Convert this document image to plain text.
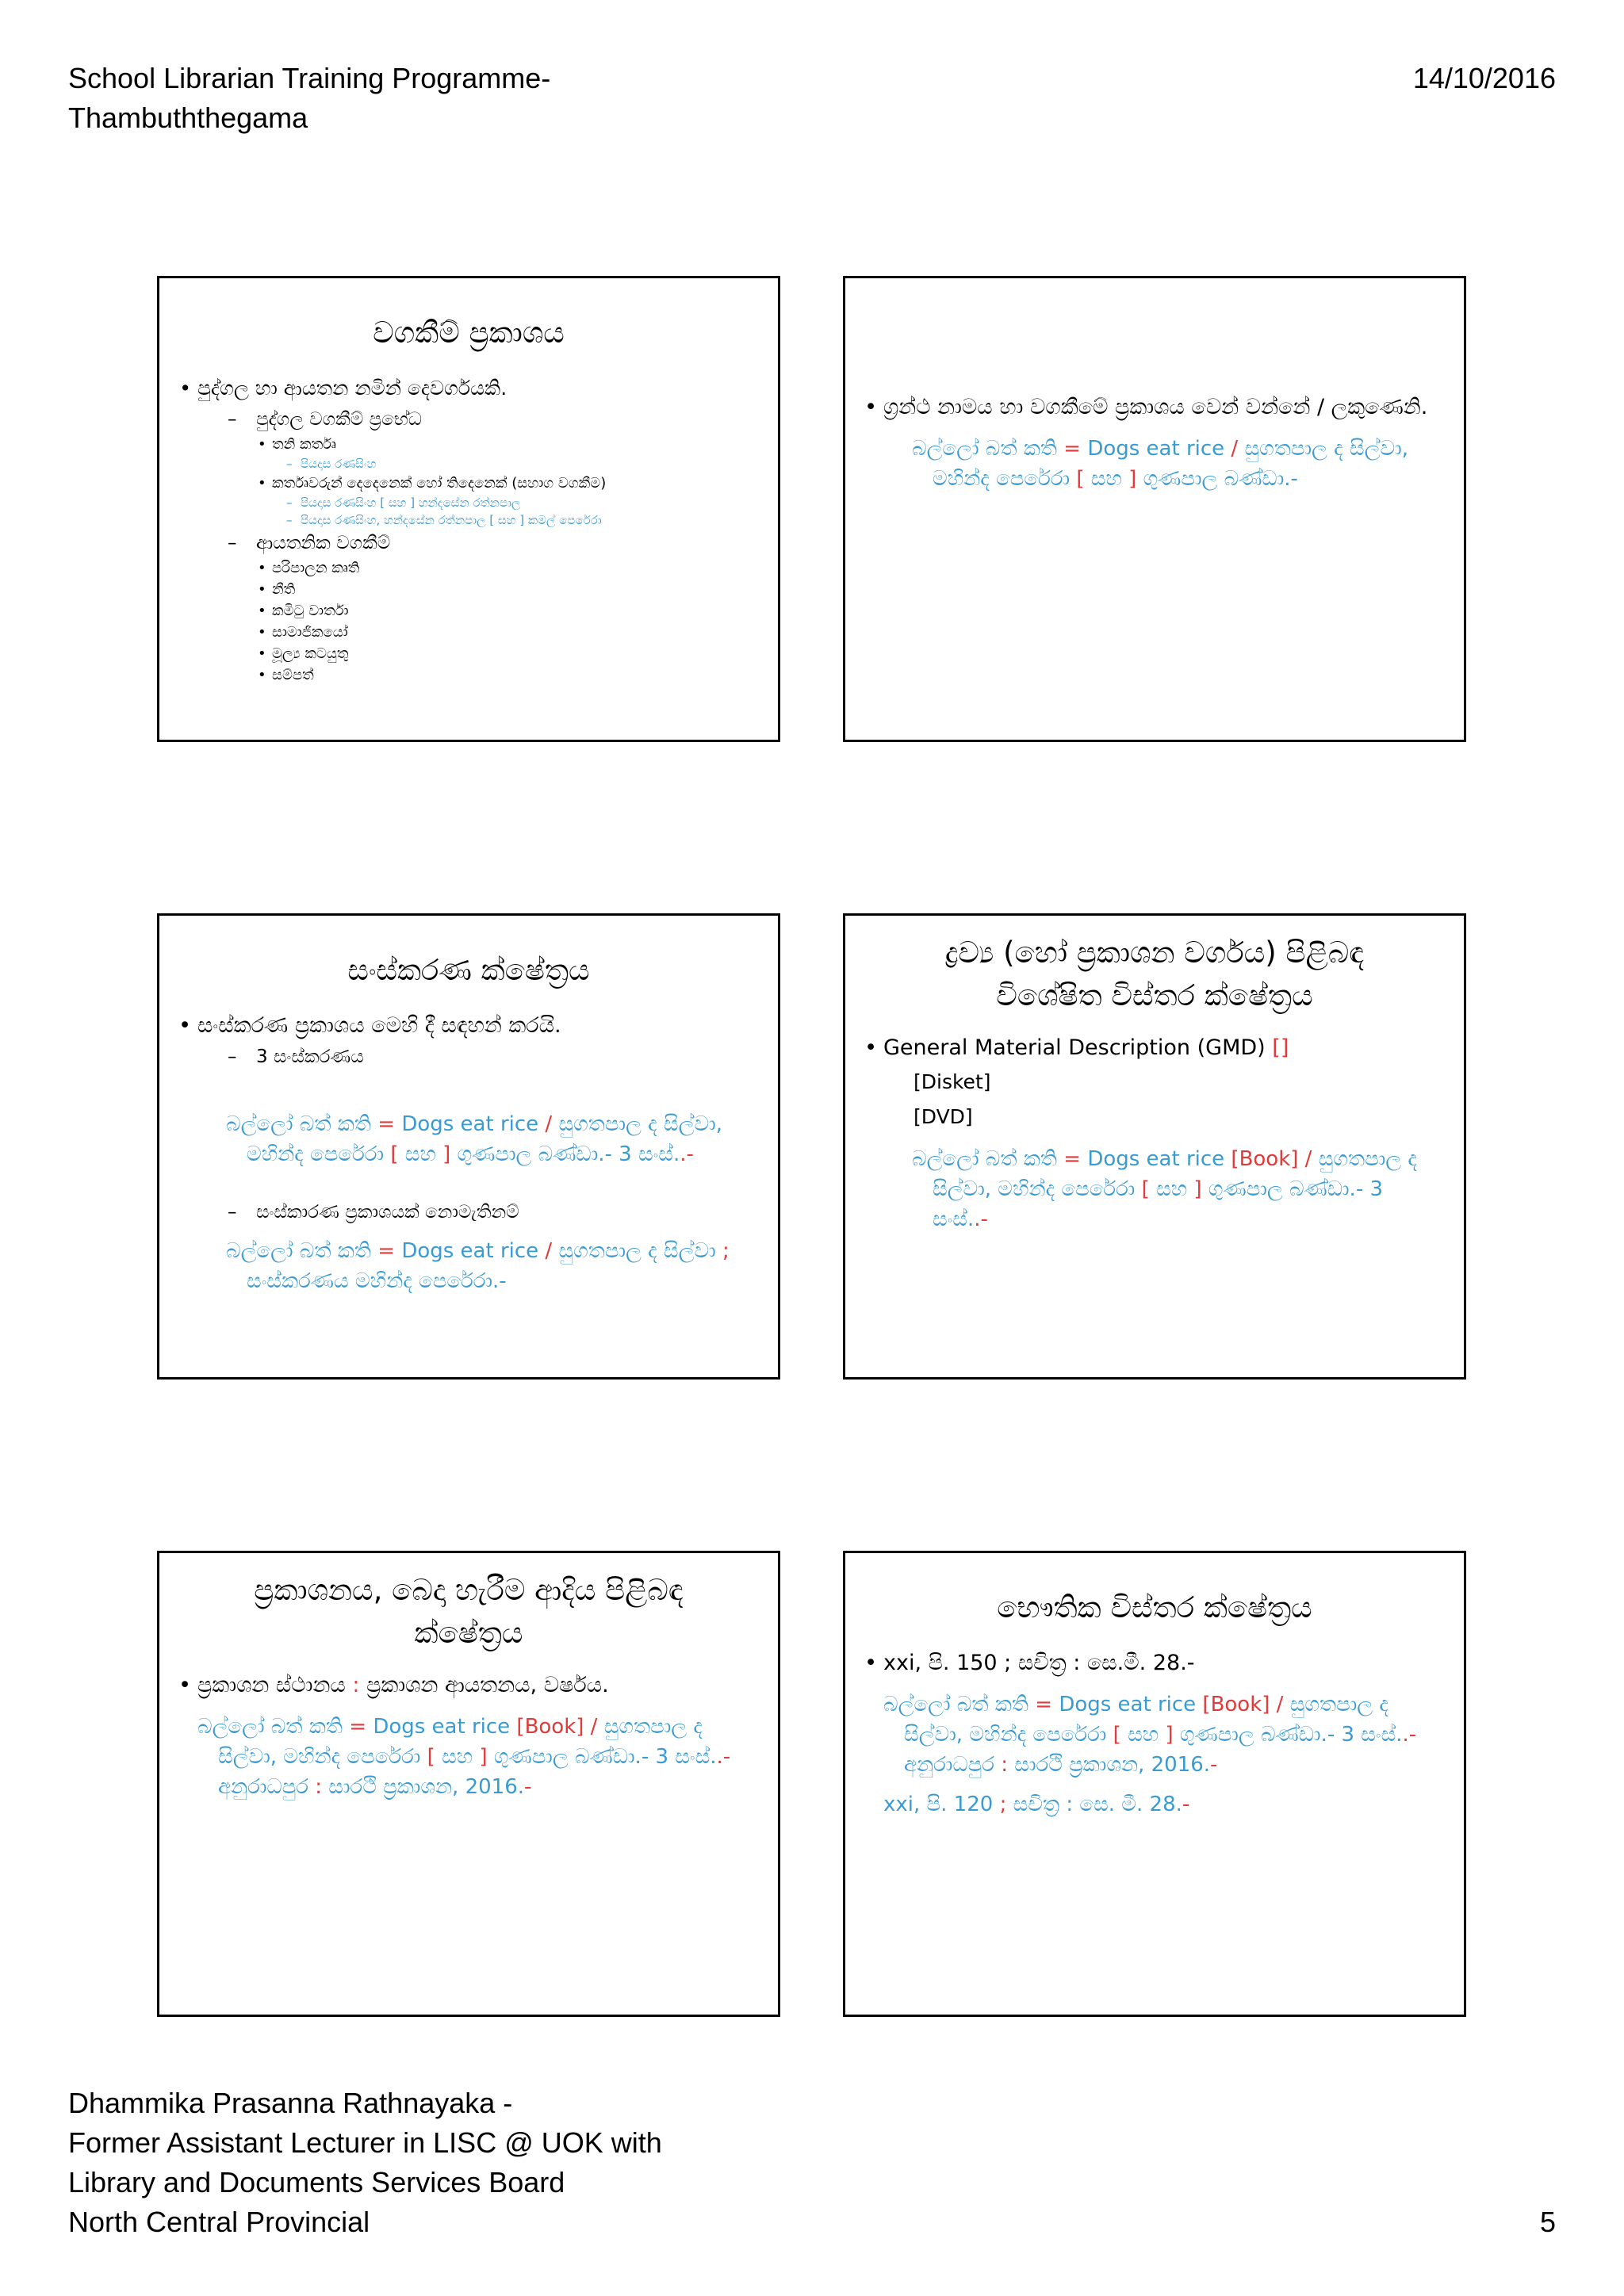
School Librarian Training Programme-
Thambuththegama
14/10/2016
වගකීම් ප්‍රකාශය
• පුද්ගල හා ආයතන නමින් දෙවර්ගයකි.
– පුද්ගල වගකීම් ප්‍රභේධ
• තනි කර්තෘ
– පියදාස රණසිංහ
• කර්තෘවරුන් දෙදෙනෙක් හෝ තිදෙනෙක් (සහාග වගකීම)
– පියදාස රණසිංහ [ සහ ] හන්දසේන රත්නපාල
– පියදාස රණසිංහ, හන්දසේන රත්නපාල [ සහ ] කමල් පෙරේරා
– ආයතනික වගකීම්
• පරිපාලන කෘති
• නීති
• කමිටු වාර්තා
• සාමාජිකයෝ
• මූල්‍ය කටයුතු
• සම්පත්
• ග්‍රන්ථ නාමය හා වගකීමේ ප්‍රකාශය වෙන් වන්නේ / ලකුණෙනි.
බල්ලෝ බත් කති = Dogs eat rice / සුගතපාල ද සිල්වා, මහින්ද පෙරේරා [ සහ ] ගුණපාල බණ්ඩා.-
සංස්කරණ ක්ෂේත්‍රය
• සංස්කරණ ප්‍රකාශය මෙහි දී සඳහන් කරයි.
– 3 සංස්කරණය
බල්ලෝ බත් කති = Dogs eat rice / සුගතපාල ද සිල්වා, මහින්ද පෙරේරා [ සහ ] ගුණපාල බණ්ඩා.- 3 සංස්..-
– සංස්කාරණ ප්‍රකාශයක් නොමැතිනම්
බල්ලෝ බත් කති = Dogs eat rice / සුගතපාල ද සිල්වා ; සංස්කරණය මහින්ද පෙරේරා.-
ද්‍රව්‍ය (හෝ ප්‍රකාශන වර්ගය) පිළිබඳ
විශේෂිත විස්තර ක්ෂේත්‍රය
• General Material Description (GMD) []
[Disket]
[DVD]
බල්ලෝ බත් කති = Dogs eat rice [Book] / සුගතපාල ද සිල්වා, මහින්ද පෙරේරා [ සහ ] ගුණපාල බණ්ඩා.- 3 සංස්..-
ප්‍රකාශනය, බෙදා හැරීම ආදිය පිළිබඳ
ක්ෂේත්‍රය
• ප්‍රකාශන ස්ථානය : ප්‍රකාශන ආයතනය, වර්ෂය.
බල්ලෝ බත් කති = Dogs eat rice [Book] / සුගතපාල ද සිල්වා, මහින්ද පෙරේරා [ සහ ] ගුණපාල බණ්ඩා.- 3 සංස්..- අනුරාධපුර : සාරථි ප්‍රකාශන, 2016.-
භෞතික විස්තර ක්ෂේත්‍රය
• xxi, පි. 150 ; සචිත්‍ර : සෙ.මී. 28.-
බල්ලෝ බත් කති = Dogs eat rice [Book] / සුගතපාල ද සිල්වා, මහින්ද පෙරේරා [ සහ ] ගුණපාල බණ්ඩා.- 3 සංස්..- අනුරාධපුර : සාරථි ප්‍රකාශන, 2016.-
xxi, පි. 120 ; සචිත්‍ර : සෙ. මී. 28.-
Dhammika Prasanna Rathnayaka -
Former Assistant Lecturer in LISC @ UOK with
Library and Documents Services Board
North Central Provincial	5
